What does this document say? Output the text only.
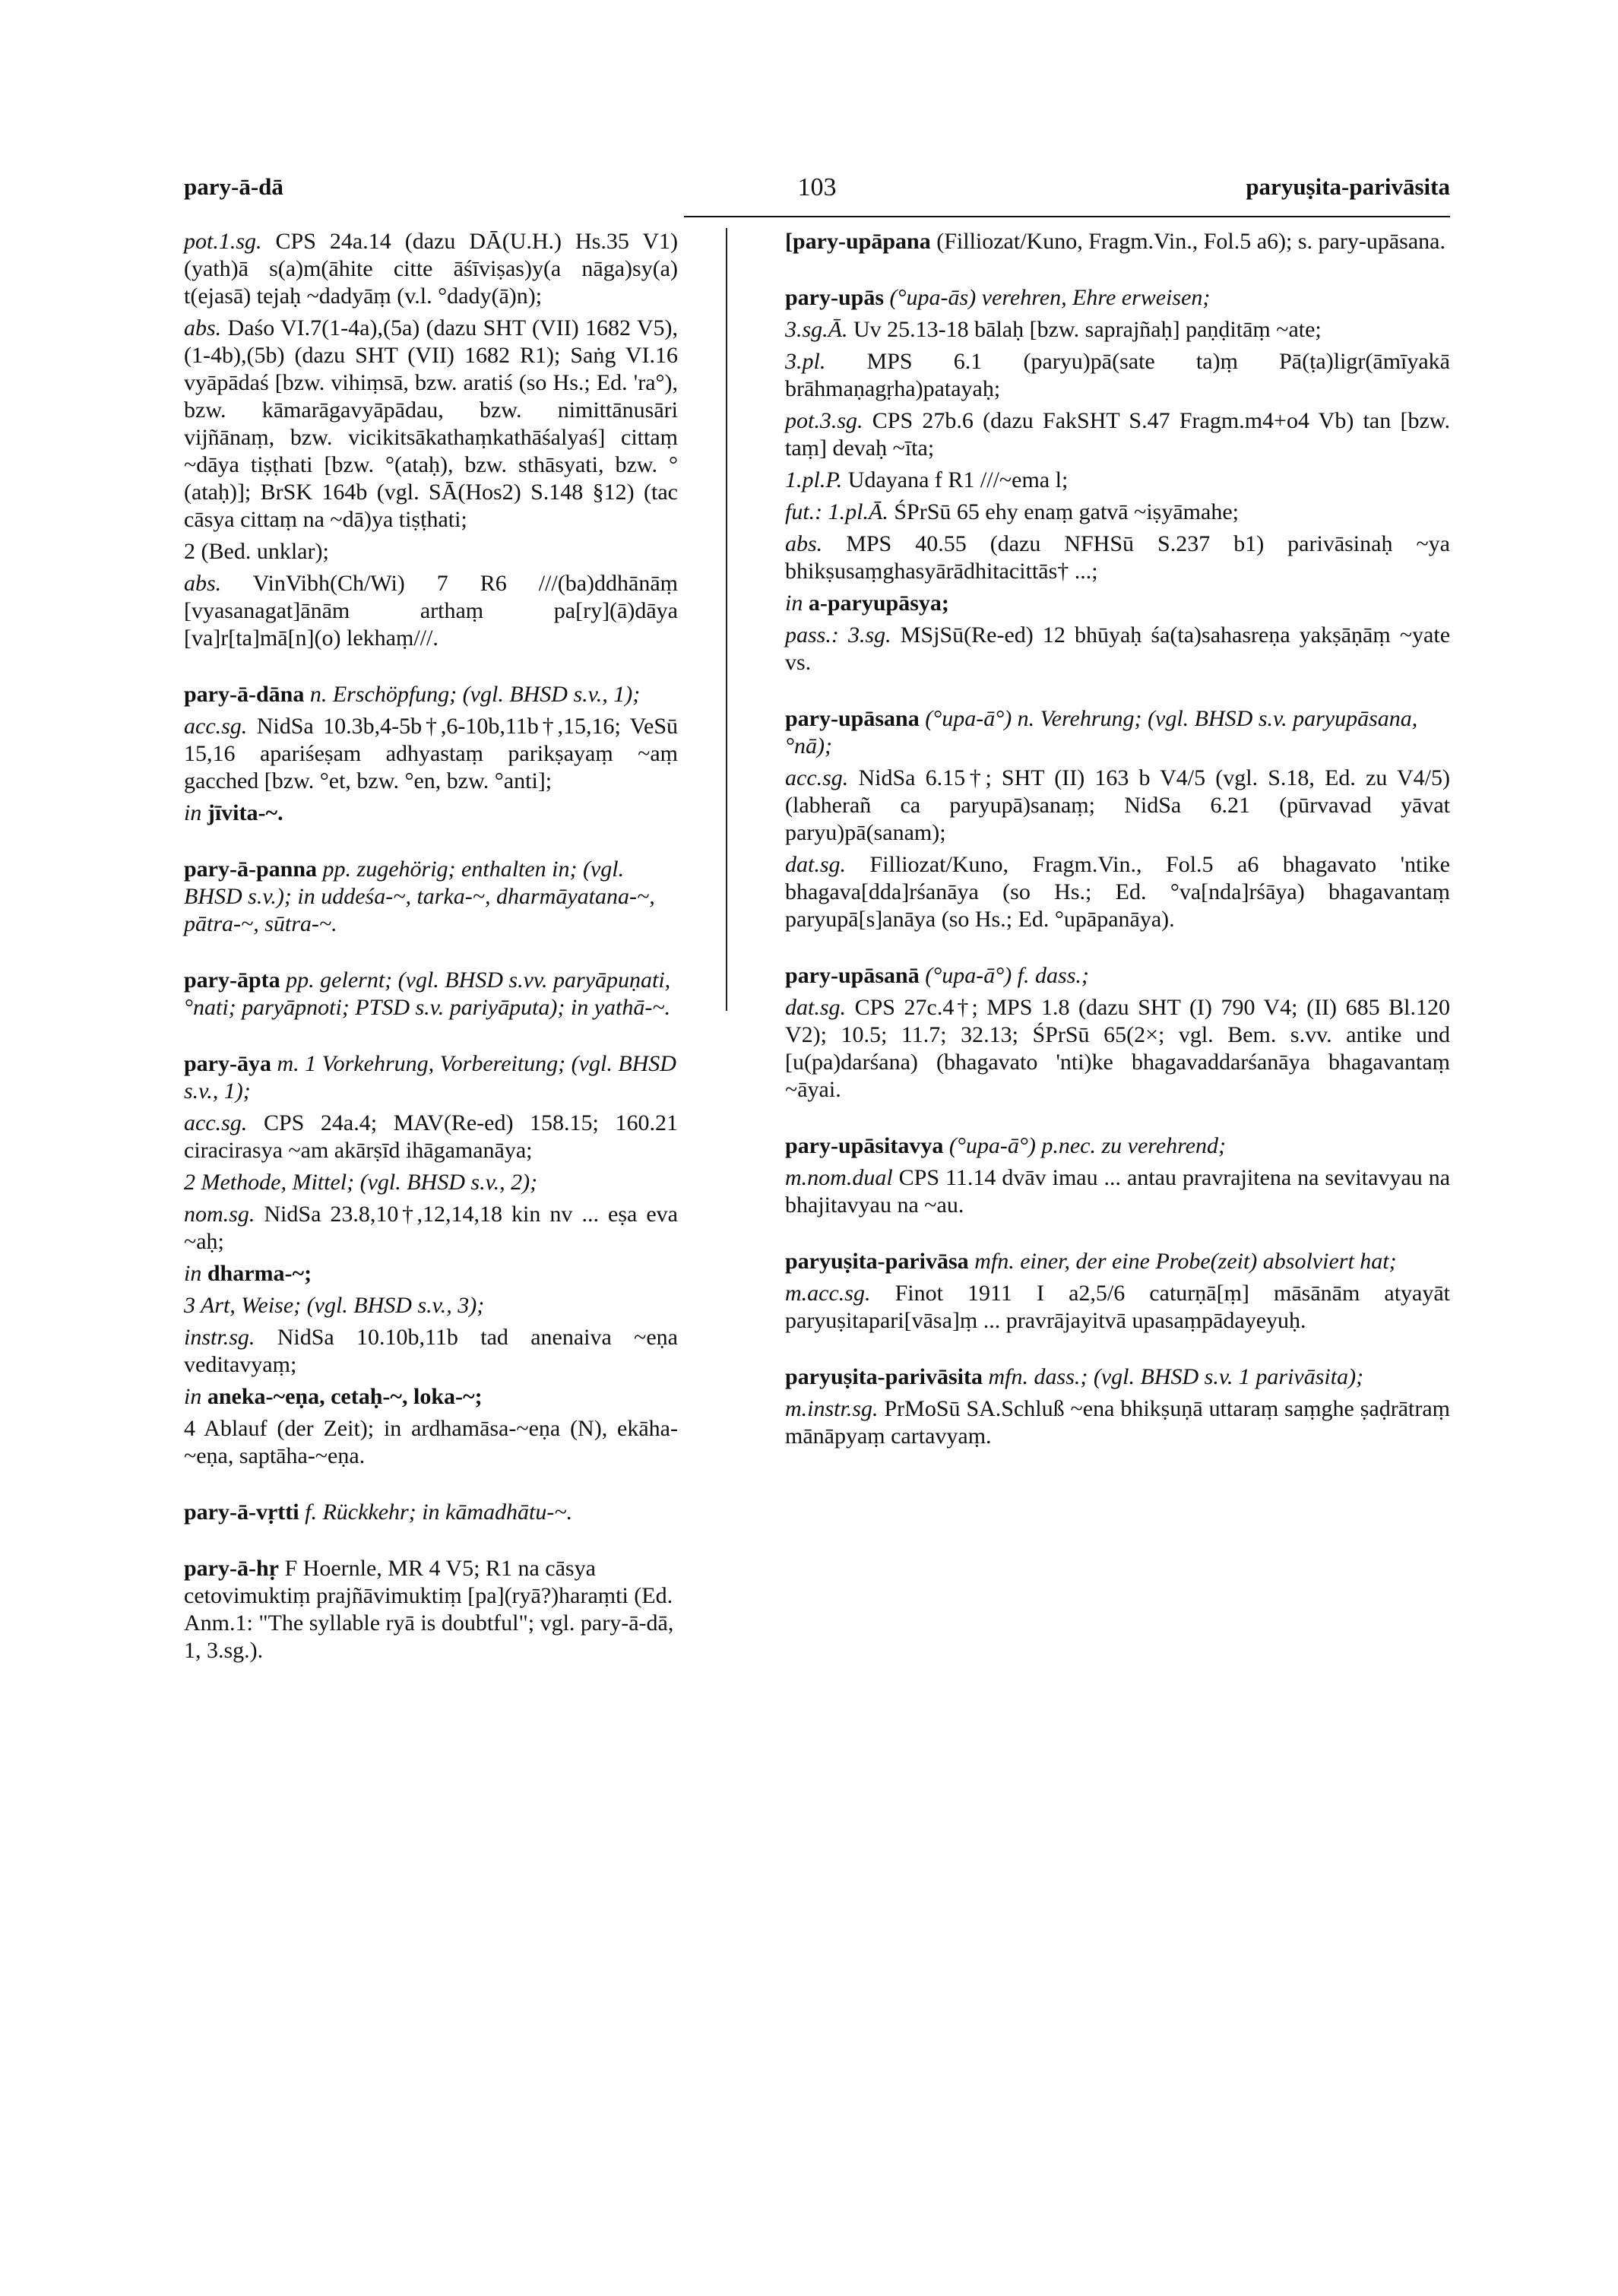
103
pary-ā-dā	paryuṣita-parivāsita
pot.1.sg. CPS 24a.14 (dazu DĀ(U.H.) Hs.35 V1) (yath)ā s(a)m(āhite citte āśīviṣas)y(a nāga)sy(a) t(ejasā) tejaḥ ~dadyāṃ (v.l. °dady(ā)n);
abs. Daśo VI.7(1-4a),(5a) (dazu SHT (VII) 1682 V5),(1-4b),(5b) (dazu SHT (VII) 1682 R1); Saṅg VI.16 vyāpādaś [bzw. vihiṃsā, bzw. aratiś (so Hs.; Ed. 'ra°), bzw. kāmarāgavyāpādau, bzw. nimittānusāri vijñānaṃ, bzw. vicikitsākathaṃkathāśalyaś] cittaṃ ~dāya tiṣṭhati [bzw. °(ataḥ), bzw. sthāsyati, bzw. °(ataḥ)]; BrSK 164b (vgl. SĀ(Hos2) S.148 §12) (tac cāsya cittaṃ na ~dā)ya tiṣṭhati;
2 (Bed. unklar);
abs. VinVibh(Ch/Wi) 7 R6 ///(ba)ddhānāṃ [vyasanagat]ānām arthaṃ pa[ry](ā)dāya [va]r[ta]mā[n](o) lekhaṃ///.
pary-ā-dāna n. Erschöpfung; (vgl. BHSD s.v., 1);
acc.sg. NidSa 10.3b,4-5b†,6-10b,11b†,15,16; VeSū 15,16 apariśeṣam adhyastaṃ parikṣayaṃ ~aṃ gacched [bzw. °et, bzw. °en, bzw. °anti];
in jīvita-~.
pary-ā-panna pp. zugehörig; enthalten in; (vgl. BHSD s.v.); in uddeśa-~, tarka-~, dharmāyatana-~, pātra-~, sūtra-~.
pary-āpta pp. gelernt; (vgl. BHSD s.vv. paryāpuṇati, °nati; paryāpnoti; PTSD s.v. pariyāputa); in yathā-~.
pary-āya m. 1 Vorkehrung, Vorbereitung; (vgl. BHSD s.v., 1);
acc.sg. CPS 24a.4; MAV(Re-ed) 158.15; 160.21 ciracirasya ~am akārṣīd ihāgamanāya;
2 Methode, Mittel; (vgl. BHSD s.v., 2);
nom.sg. NidSa 23.8,10†,12,14,18 kin nv ... eṣa eva ~aḥ;
in dharma-~;
3 Art, Weise; (vgl. BHSD s.v., 3);
instr.sg. NidSa 10.10b,11b tad anenaiva ~eṇa veditavyaṃ;
in aneka-~eṇa, cetaḥ-~, loka-~;
4 Ablauf (der Zeit); in ardhamāsa-~eṇa (N), ekāha-~eṇa, saptāha-~eṇa.
pary-ā-vṛtti f. Rückkehr; in kāmadhātu-~.
pary-ā-hṛ F Hoernle, MR 4 V5; R1 na cāsya cetovimuktiṃ prajñāvimuktiṃ [pa](ryā?)haraṃti (Ed. Anm.1: "The syllable ryā is doubtful"; vgl. pary-ā-dā, 1, 3.sg.).
[pary-upāpana (Filliozat/Kuno, Fragm.Vin., Fol.5 a6); s. pary-upāsana.
pary-upās (°upa-ās) verehren, Ehre erweisen;
3.sg.Ā. Uv 25.13-18 bālaḥ [bzw. saprajñaḥ] paṇḍitāṃ ~ate;
3.pl. MPS 6.1 (paryu)pā(sate ta)ṃ Pā(ṭa)ligr(āmīyakā brāhmaṇagṛha)patayaḥ;
pot.3.sg. CPS 27b.6 (dazu FakSHT S.47 Fragm.m4+o4 Vb) tan [bzw. taṃ] devaḥ ~īta;
1.pl.P. Udayana f R1 ///~ema l;
fut.: 1.pl.Ā. ŚPrSū 65 ehy enaṃ gatvā ~iṣyāmahe;
abs. MPS 40.55 (dazu NFHSū S.237 b1) parivāsinaḥ ~ya bhikṣusaṃghasyārādhitacittās† ...;
in a-paryupāsya;
pass.: 3.sg. MSjSū(Re-ed) 12 bhūyaḥ śa(ta)sahasreṇa yakṣāṇāṃ ~yate vs.
pary-upāsana (°upa-ā°) n. Verehrung; (vgl. BHSD s.v. paryupāsana, °nā);
acc.sg. NidSa 6.15†; SHT (II) 163 b V4/5 (vgl. S.18, Ed. zu V4/5) (labherañ ca paryupā)sanaṃ; NidSa 6.21 (pūrvavad yāvat paryu)pā(sanam);
dat.sg. Filliozat/Kuno, Fragm.Vin., Fol.5 a6 bhagavato 'ntike bhagava[dda]rśanāya (so Hs.; Ed. °va[nda]rśāya) bhagavantaṃ paryupā[s]anāya (so Hs.; Ed. °upāpanāya).
pary-upāsanā (°upa-ā°) f. dass.;
dat.sg. CPS 27c.4†; MPS 1.8 (dazu SHT (I) 790 V4; (II) 685 Bl.120 V2); 10.5; 11.7; 32.13; ŚPrSū 65(2×; vgl. Bem. s.vv. antike und [u(pa)darśana) (bhagavato 'nti)ke bhagavaddarśanāya bhagavantaṃ ~āyai.
pary-upāsitavya (°upa-ā°) p.nec. zu verehrend;
m.nom.dual CPS 11.14 dvāv imau ... antau pravrajitena na sevitavyau na bhajitavyau na ~au.
paryuṣita-parivāsa mfn. einer, der eine Probe(zeit) absolviert hat;
m.acc.sg. Finot 1911 I a2,5/6 caturṇā[ṃ] māsānām atyayāt paryuṣitapari[vāsa]ṃ ... pravrājayitvā upasaṃpādayeyuḥ.
paryuṣita-parivāsita mfn. dass.; (vgl. BHSD s.v. 1 parivāsita);
m.instr.sg. PrMoSū SA.Schluß ~ena bhikṣuṇā uttaraṃ saṃghe ṣaḍrātraṃ mānāpyaṃ cartavyaṃ.
